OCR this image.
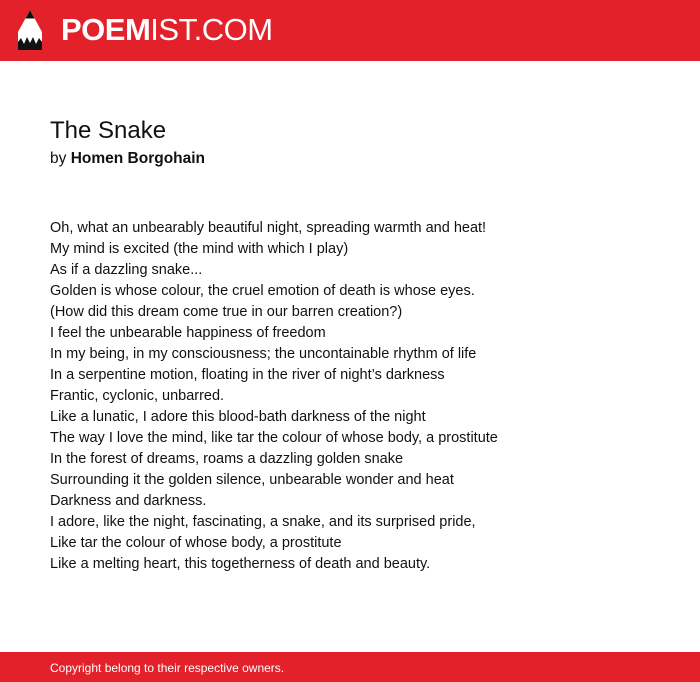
POEMIST.COM
The Snake
by Homen Borgohain
Oh, what an unbearably beautiful night, spreading warmth and heat!
My mind is excited (the mind with which I play)
As if a dazzling snake...
Golden is whose colour, the cruel emotion of death is whose eyes.
(How did this dream come true in our barren creation?)
I feel the unbearable happiness of freedom
In my being, in my consciousness; the uncontainable rhythm of life
In a serpentine motion, floating in the river of night’s darkness
Frantic, cyclonic, unbarred.
Like a lunatic, I adore this blood-bath darkness of the night
The way I love the mind, like tar the colour of whose body, a prostitute
In the forest of dreams, roams a dazzling golden snake
Surrounding it the golden silence, unbearable wonder and heat
Darkness and darkness.
I adore, like the night, fascinating, a snake, and its surprised pride,
Like tar the colour of whose body, a prostitute
Like a melting heart, this togetherness of death and beauty.
Copyright belong to their respective owners.
